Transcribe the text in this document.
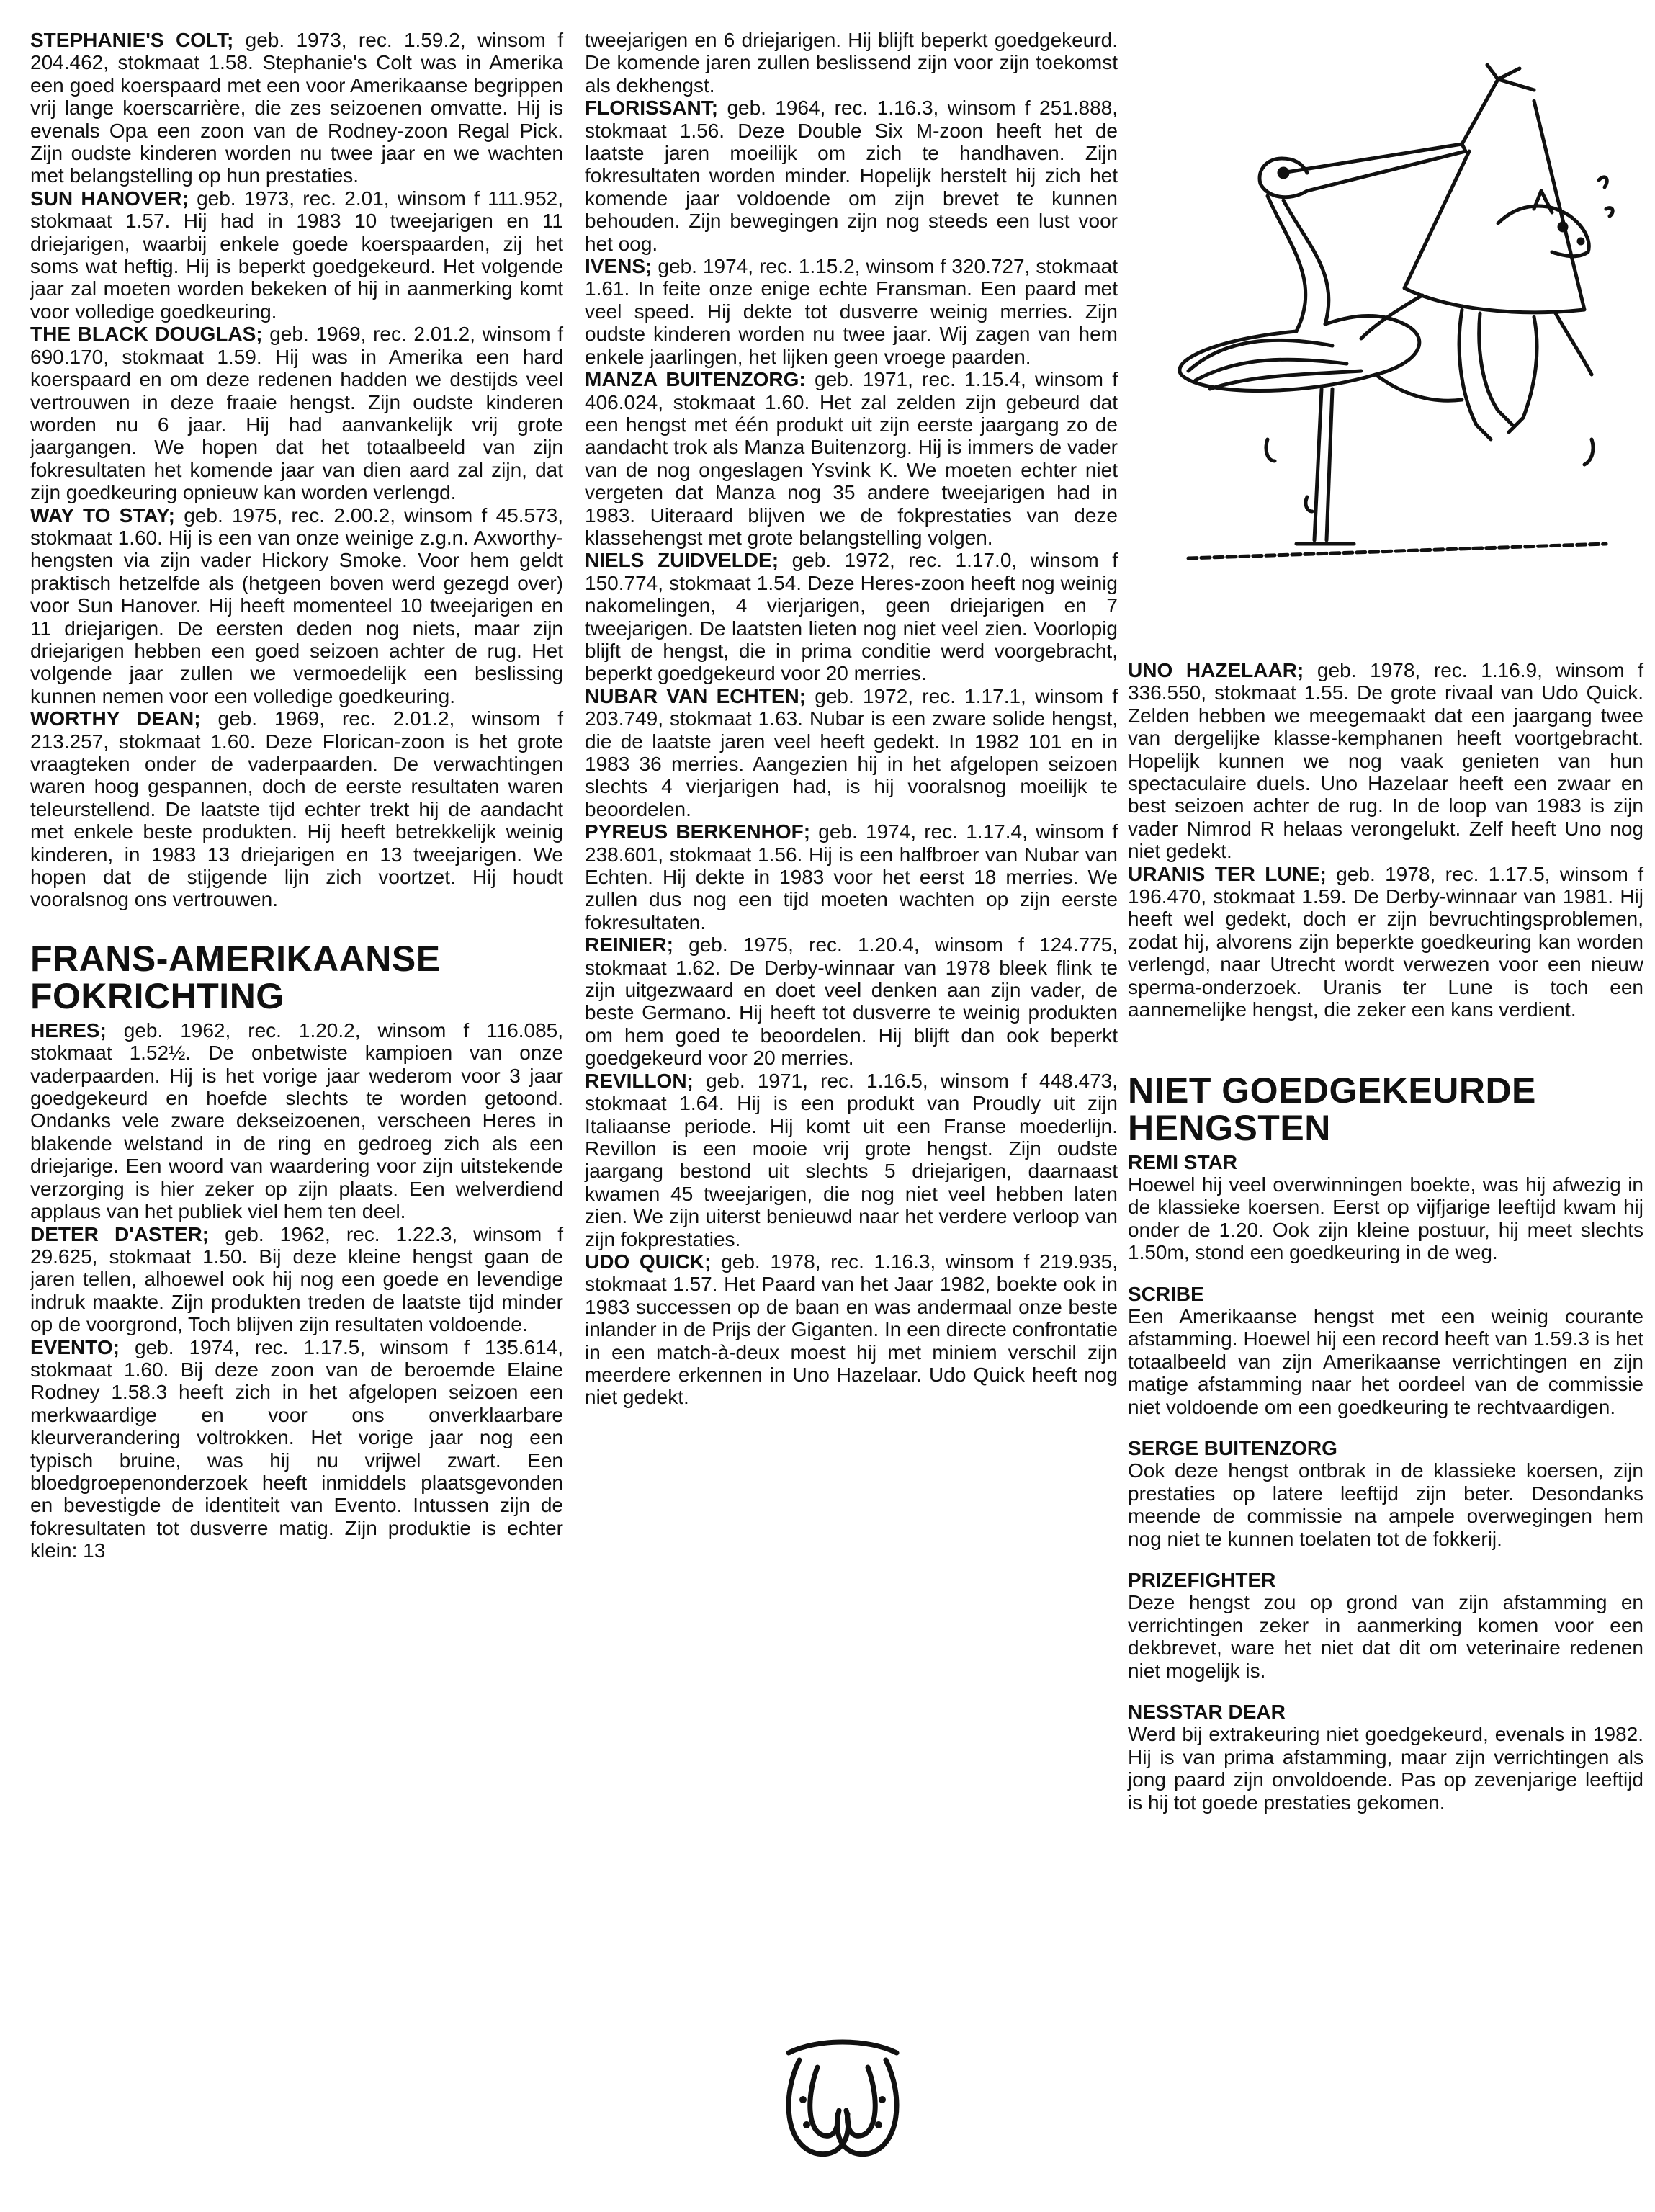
STEPHANIE'S COLT; geb. 1973, rec. 1.59.2, winsom f 204.462, stokmaat 1.58. Stephanie's Colt was in Amerika een goed koerspaard met een voor Amerikaanse begrippen vrij lange koerscarrière, die zes seizoenen omvatte. Hij is evenals Opa een zoon van de Rodney-zoon Regal Pick. Zijn oudste kinderen worden nu twee jaar en we wachten met belangstelling op hun prestaties.

SUN HANOVER; geb. 1973, rec. 2.01, winsom f 111.952, stokmaat 1.57. Hij had in 1983 10 tweejarigen en 11 driejarigen, waarbij enkele goede koerspaarden, zij het soms wat heftig. Hij is beperkt goedgekeurd. Het volgende jaar zal moeten worden bekeken of hij in aanmerking komt voor volledige goedkeuring.

THE BLACK DOUGLAS; geb. 1969, rec. 2.01.2, winsom f 690.170, stokmaat 1.59. Hij was in Amerika een hard koerspaard en om deze redenen hadden we destijds veel vertrouwen in deze fraaie hengst. Zijn oudste kinderen worden nu 6 jaar. Hij had aanvankelijk vrij grote jaargangen. We hopen dat het totaalbeeld van zijn fokresultaten het komende jaar van dien aard zal zijn, dat zijn goedkeuring opnieuw kan worden verlengd.

WAY TO STAY; geb. 1975, rec. 2.00.2, winsom f 45.573, stokmaat 1.60. Hij is een van onze weinige z.g.n. Axworthy-hengsten via zijn vader Hickory Smoke. Voor hem geldt praktisch hetzelfde als (hetgeen boven werd gezegd over) voor Sun Hanover. Hij heeft momenteel 10 tweejarigen en 11 driejarigen. De eersten deden nog niets, maar zijn driejarigen hebben een goed seizoen achter de rug. Het volgende jaar zullen we vermoedelijk een beslissing kunnen nemen voor een volledige goedkeuring.

WORTHY DEAN; geb. 1969, rec. 2.01.2, winsom f 213.257, stokmaat 1.60. Deze Florican-zoon is het grote vraagteken onder de vaderpaarden. De verwachtingen waren hoog gespannen, doch de eerste resultaten waren teleurstellend. De laatste tijd echter trekt hij de aandacht met enkele beste produkten. Hij heeft betrekkelijk weinig kinderen, in 1983 13 driejarigen en 13 tweejarigen. We hopen dat de stijgende lijn zich voortzet. Hij houdt vooralsnog ons vertrouwen.

FRANS-AMERIKAANSE FOKRICHTING

HERES; geb. 1962, rec. 1.20.2, winsom f 116.085, stokmaat 1.52½. De onbetwiste kampioen van onze vaderpaarden. Hij is het vorige jaar wederom voor 3 jaar goedgekeurd en hoefde slechts te worden getoond. Ondanks vele zware dekseizoenen, verscheen Heres in blakende welstand in de ring en gedroeg zich als een driejarige. Een woord van waardering voor zijn uitstekende verzorging is hier zeker op zijn plaats. Een welverdiend applaus van het publiek viel hem ten deel.

DETER D'ASTER; geb. 1962, rec. 1.22.3, winsom f 29.625, stokmaat 1.50. Bij deze kleine hengst gaan de jaren tellen, alhoewel ook hij nog een goede en levendige indruk maakte. Zijn produkten treden de laatste tijd minder op de voorgrond, Toch blijven zijn resultaten voldoende.

EVENTO; geb. 1974, rec. 1.17.5, winsom f 135.614, stokmaat 1.60. Bij deze zoon van de beroemde Elaine Rodney 1.58.3 heeft zich in het afgelopen seizoen een merkwaardige en voor ons onverklaarbare kleurverandering voltrokken. Het vorige jaar nog een typisch bruine, was hij nu vrijwel zwart. Een bloedgroepenonderzoek heeft inmiddels plaatsgevonden en bevestigde de identiteit van Evento. Intussen zijn de fokresultaten tot dusverre matig. Zijn produktie is echter klein: 13

tweejarigen en 6 driejarigen. Hij blijft beperkt goedgekeurd. De komende jaren zullen beslissend zijn voor zijn toekomst als dekhengst.

FLORISSANT; geb. 1964, rec. 1.16.3, winsom f 251.888, stokmaat 1.56. Deze Double Six M-zoon heeft het de laatste jaren moeilijk om zich te handhaven. Zijn fokresultaten worden minder. Hopelijk herstelt hij zich het komende jaar voldoende om zijn brevet te kunnen behouden. Zijn bewegingen zijn nog steeds een lust voor het oog.

IVENS; geb. 1974, rec. 1.15.2, winsom f 320.727, stokmaat 1.61. In feite onze enige echte Fransman. Een paard met veel speed. Hij dekte tot dusverre weinig merries. Zijn oudste kinderen worden nu twee jaar. Wij zagen van hem enkele jaarlingen, het lijken geen vroege paarden.

MANZA BUITENZORG: geb. 1971, rec. 1.15.4, winsom f 406.024, stokmaat 1.60. Het zal zelden zijn gebeurd dat een hengst met één produkt uit zijn eerste jaargang zo de aandacht trok als Manza Buitenzorg. Hij is immers de vader van de nog ongeslagen Ysvink K. We moeten echter niet vergeten dat Manza nog 35 andere tweejarigen had in 1983. Uiteraard blijven we de fokprestaties van deze klassehengst met grote belangstelling volgen.

NIELS ZUIDVELDE; geb. 1972, rec. 1.17.0, winsom f 150.774, stokmaat 1.54. Deze Heres-zoon heeft nog weinig nakomelingen, 4 vierjarigen, geen driejarigen en 7 tweejarigen. De laatsten lieten nog niet veel zien. Voorlopig blijft de hengst, die in prima conditie werd voorgebracht, beperkt goedgekeurd voor 20 merries.

NUBAR VAN ECHTEN; geb. 1972, rec. 1.17.1, winsom f 203.749, stokmaat 1.63. Nubar is een zware solide hengst, die de laatste jaren veel heeft gedekt. In 1982 101 en in 1983 36 merries. Aangezien hij in het afgelopen seizoen slechts 4 vierjarigen had, is hij vooralsnog moeilijk te beoordelen.

PYREUS BERKENHOF; geb. 1974, rec. 1.17.4, winsom f 238.601, stokmaat 1.56. Hij is een halfbroer van Nubar van Echten. Hij dekte in 1983 voor het eerst 18 merries. We zullen dus nog een tijd moeten wachten op zijn eerste fokresultaten.

REINIER; geb. 1975, rec. 1.20.4, winsom f 124.775, stokmaat 1.62. De Derby-winnaar van 1978 bleek flink te zijn uitgezwaard en doet veel denken aan zijn vader, de beste Germano. Hij heeft tot dusverre te weinig produkten om hem goed te beoordelen. Hij blijft dan ook beperkt goedgekeurd voor 20 merries.

REVILLON; geb. 1971, rec. 1.16.5, winsom f 448.473, stokmaat 1.64. Hij is een produkt van Proudly uit zijn Italiaanse periode. Hij komt uit een Franse moederlijn. Revillon is een mooie vrij grote hengst. Zijn oudste jaargang bestond uit slechts 5 driejarigen, daarnaast kwamen 45 tweejarigen, die nog niet veel hebben laten zien. We zijn uiterst benieuwd naar het verdere verloop van zijn fokprestaties.

UDO QUICK; geb. 1978, rec. 1.16.3, winsom f 219.935, stokmaat 1.57. Het Paard van het Jaar 1982, boekte ook in 1983 successen op de baan en was andermaal onze beste inlander in de Prijs der Giganten. In een directe confrontatie in een match-à-deux moest hij met miniem verschil zijn meerdere erkennen in Uno Hazelaar. Udo Quick heeft nog niet gedekt.

UNO HAZELAAR; geb. 1978, rec. 1.16.9, winsom f 336.550, stokmaat 1.55. De grote rivaal van Udo Quick. Zelden hebben we meegemaakt dat een jaargang twee van dergelijke klasse-kemphanen heeft voortgebracht. Hopelijk kunnen we nog vaak genieten van hun spectaculaire duels. Uno Hazelaar heeft een zwaar en best seizoen achter de rug. In de loop van 1983 is zijn vader Nimrod R helaas verongelukt. Zelf heeft Uno nog niet gedekt.

URANIS TER LUNE; geb. 1978, rec. 1.17.5, winsom f 196.470, stokmaat 1.59. De Derby-winnaar van 1981. Hij heeft wel gedekt, doch er zijn bevruchtingsproblemen, zodat hij, alvorens zijn beperkte goedkeuring kan worden verlengd, naar Utrecht wordt verwezen voor een nieuw sperma-onderzoek. Uranis ter Lune is toch een aannemelijke hengst, die zeker een kans verdient.

NIET GOEDGEKEURDE HENGSTEN

REMI STAR
Hoewel hij veel overwinningen boekte, was hij afwezig in de klassieke koersen. Eerst op vijfjarige leeftijd kwam hij onder de 1.20. Ook zijn kleine postuur, hij meet slechts 1.50m, stond een goedkeuring in de weg.

SCRIBE
Een Amerikaanse hengst met een weinig courante afstamming. Hoewel hij een record heeft van 1.59.3 is het totaalbeeld van zijn Amerikaanse verrichtingen en zijn matige afstamming naar het oordeel van de commissie niet voldoende om een goedkeuring te rechtvaardigen.

SERGE BUITENZORG
Ook deze hengst ontbrak in de klassieke koersen, zijn prestaties op latere leeftijd zijn beter. Desondanks meende de commissie na ampele overwegingen hem nog niet te kunnen toelaten tot de fokkerij.

PRIZEFIGHTER
Deze hengst zou op grond van zijn afstamming en verrichtingen zeker in aanmerking komen voor een dekbrevet, ware het niet dat dit om veterinaire redenen niet mogelijk is.

NESSTAR DEAR
Werd bij extrakeuring niet goedgekeurd, evenals in 1982. Hij is van prima afstamming, maar zijn verrichtingen als jong paard zijn onvoldoende. Pas op zevenjarige leeftijd is hij tot goede prestaties gekomen.
